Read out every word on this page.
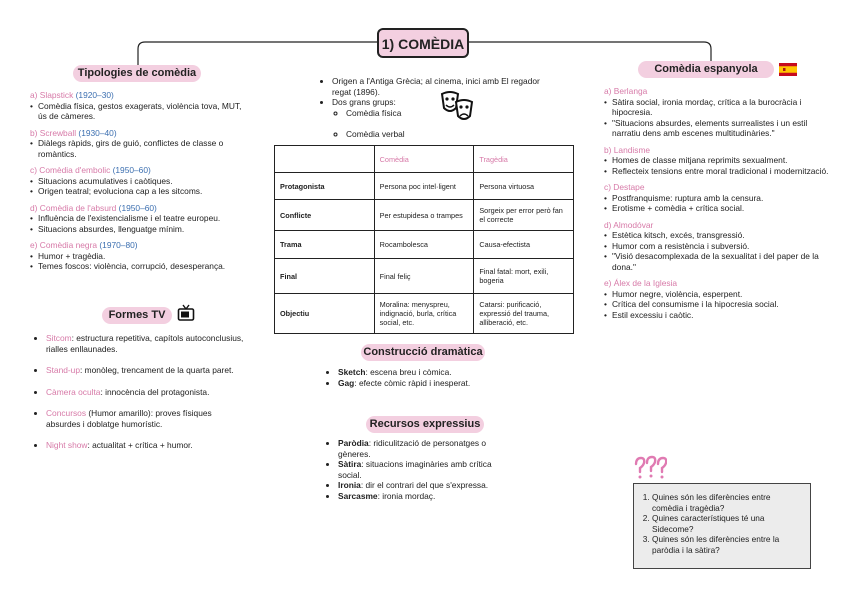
1) COMÈDIA
• Origen a l'Antiga Grècia; al cinema, inici amb El regador regat (1896).
• Dos grans grups:
◦ Comèdia física
◦ Comèdia verbal
Tipologies de comèdia

a) Slapstick (1920–30)

• Comèdia física, gestos exagerats, violència tova, MUT, ús de càmeres.

b) Screwball (1930–40)

• Diàlegs ràpids, girs de guió, conflictes de classe o romàntics.

c) Comèdia d'embolic (1950–60)

• Situacions acumulatives i caòtiques.
• Origen teatral; evoluciona cap a les sitcoms.

d) Comèdia de l'absurd (1950–60)

• Influència de l'existencialisme i el teatre europeu.
• Situacions absurdes, llenguatge mínim.

e) Comèdia negra (1970–80)

• Humor + tragèdia.
• Temes foscos: violència, corrupció, desesperança.
Formes TV
• Sitcom: estructura repetitiva, capítols autoconclusius, rialles enllaunades.
• Stand-up: monòleg, trencament de la quarta paret.
• Càmera oculta: innocència del protagonista.
• Concursos (Humor amarillo): proves físiques absurdes i doblatge humorístic.
• Night show: actualitat + crítica + humor.
	Comèdia	Tragèdia
Protagonista	Persona poc intel·ligent	Persona virtuosa
Conflicte	Per estupidesa o trampes	Sorgeix per error però fan el correcte
Trama	Rocambolesca	Causa-efectista
Final	Final feliç	Final fatal: mort, exili, bogeria
Objectiu	Moralina: menyspreu, indignació, burla, crítica social, etc.	Catarsi: purificació, expressió del trauma, alliberació, etc.
Construcció dramàtica
• Sketch: escena breu i còmica.
• Gag: efecte còmic ràpid i inesperat.
Recursos expressius
• Paròdia: ridiculització de personatges o gèneres.
• Sàtira: situacions imaginàries amb crítica social.
• Ironia: dir el contrari del que s'expressa.
• Sarcasme: ironia mordaç.
Comèdia espanyola

a) Berlanga

• Sàtira social, ironia mordaç, crítica a la burocràcia i hipocresia.
• "Situacions absurdes, elements surrealistes i un estil narratiu dens amb escenes multitudinàries."

b) Landisme

• Homes de classe mitjana reprimits sexualment.
• Reflecteix tensions entre moral tradicional i modernització.

c) Destape

• Postfranquisme: ruptura amb la censura.
• Erotisme + comèdia + crítica social.

d) Almodóvar

• Estètica kitsch, excés, transgressió.
• Humor com a resistència i subversió.
• "Visió desacomplexada de la sexualitat i del paper de la dona."

e) Álex de la Iglesia

• Humor negre, violència, esperpent.
• Crítica del consumisme i la hipocresia social.
• Estil excessiu i caòtic.
1. Quines són les diferències entre comèdia i tragèdia?
2. Quines característiques té una Sidecome?
3. Quines són les diferències entre la paròdia i la sàtira?
